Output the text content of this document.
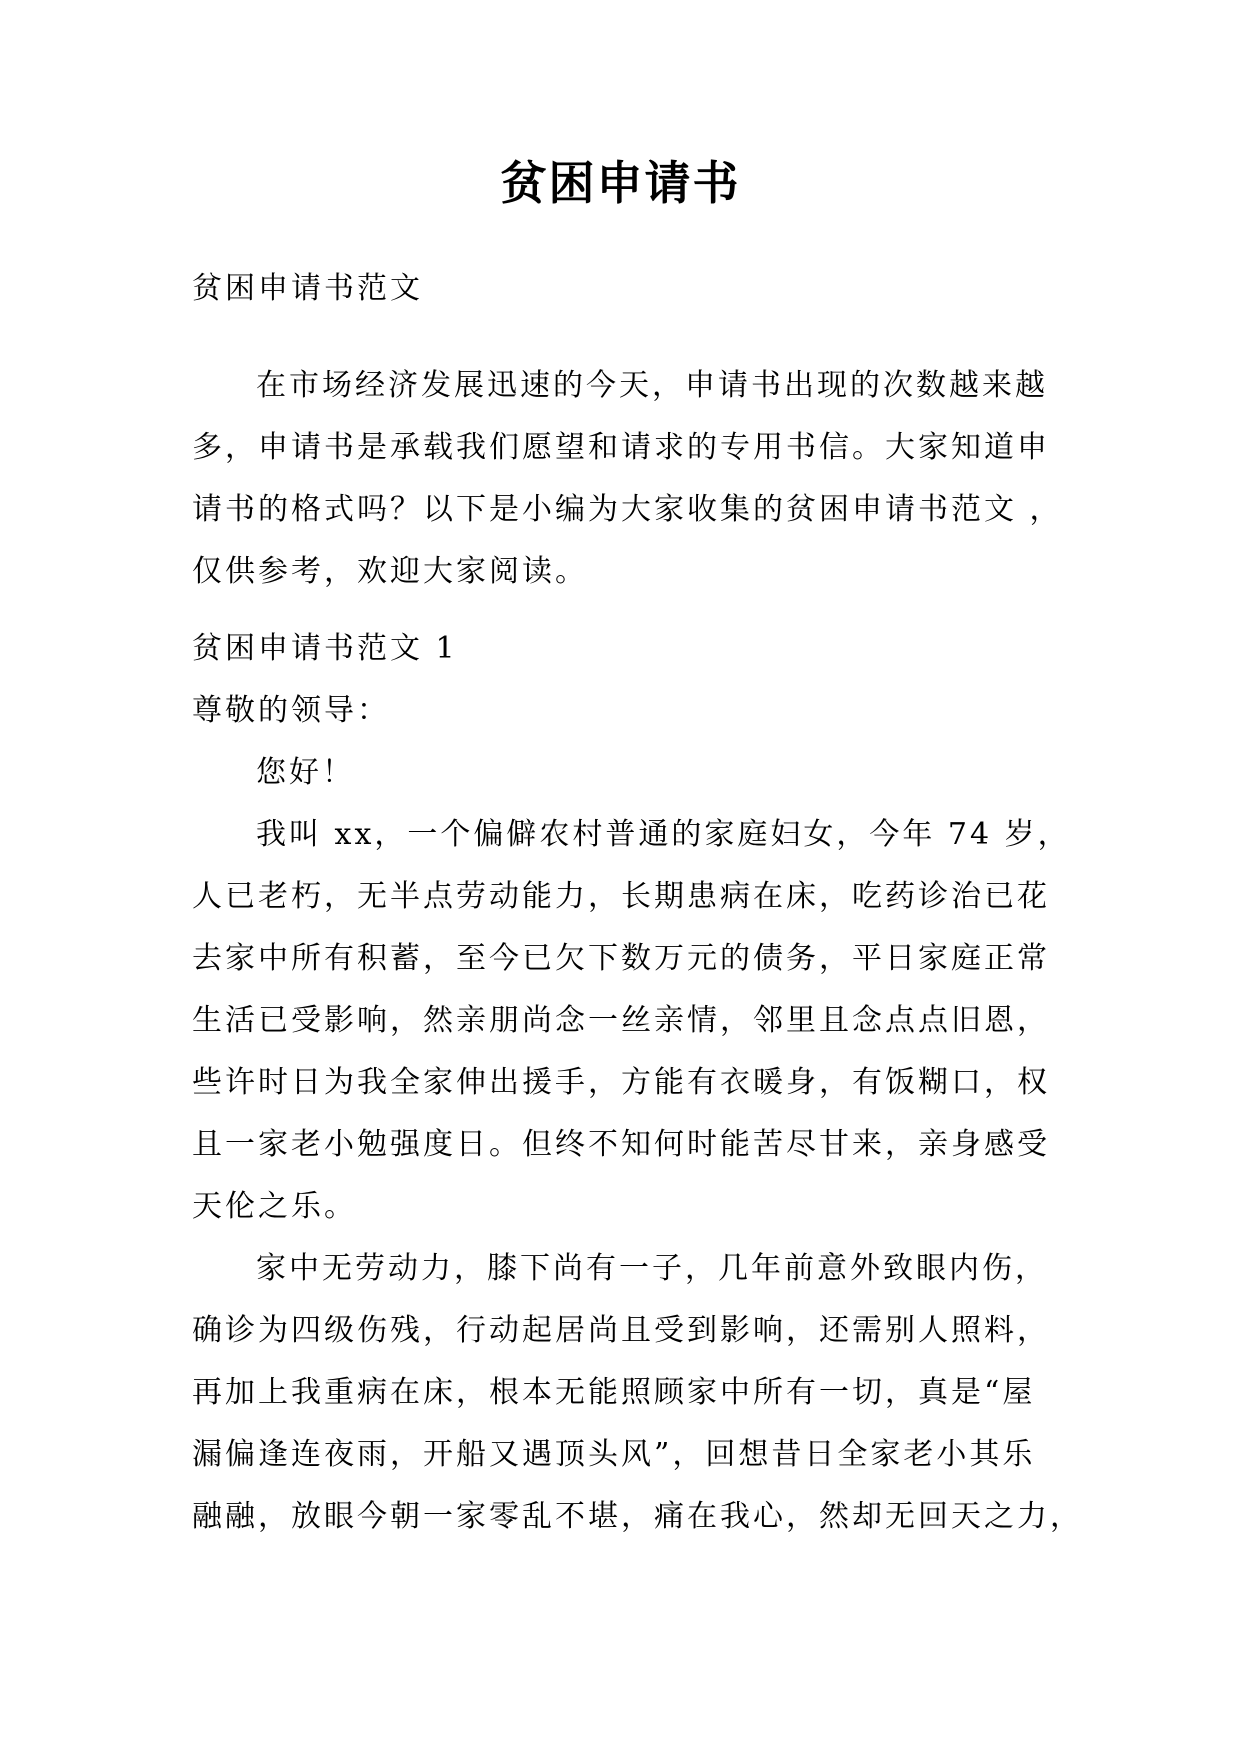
贫困申请书
贫困申请书范文
在市场经济发展迅速的今天，申请书出现的次数越来越
多，申请书是承载我们愿望和请求的专用书信。大家知道申
请书的格式吗？以下是小编为大家收集的贫困申请书范文 ，
仅供参考，欢迎大家阅读。
贫困申请书范文 1
尊敬的领导：
您好！
我叫 xx，一个偏僻农村普通的家庭妇女，今年 74 岁，
人已老朽，无半点劳动能力，长期患病在床，吃药诊治已花
去家中所有积蓄，至今已欠下数万元的债务，平日家庭正常
生活已受影响，然亲朋尚念一丝亲情，邻里且念点点旧恩，
些许时日为我全家伸出援手，方能有衣暖身，有饭糊口，权
且一家老小勉强度日。但终不知何时能苦尽甘来，亲身感受
天伦之乐。
家中无劳动力，膝下尚有一子，几年前意外致眼内伤，
确诊为四级伤残，行动起居尚且受到影响，还需别人照料，
再加上我重病在床，根本无能照顾家中所有一切，真是“屋
漏偏逢连夜雨，开船又遇顶头风”，回想昔日全家老小其乐
融融，放眼今朝一家零乱不堪，痛在我心，然却无回天之力，
